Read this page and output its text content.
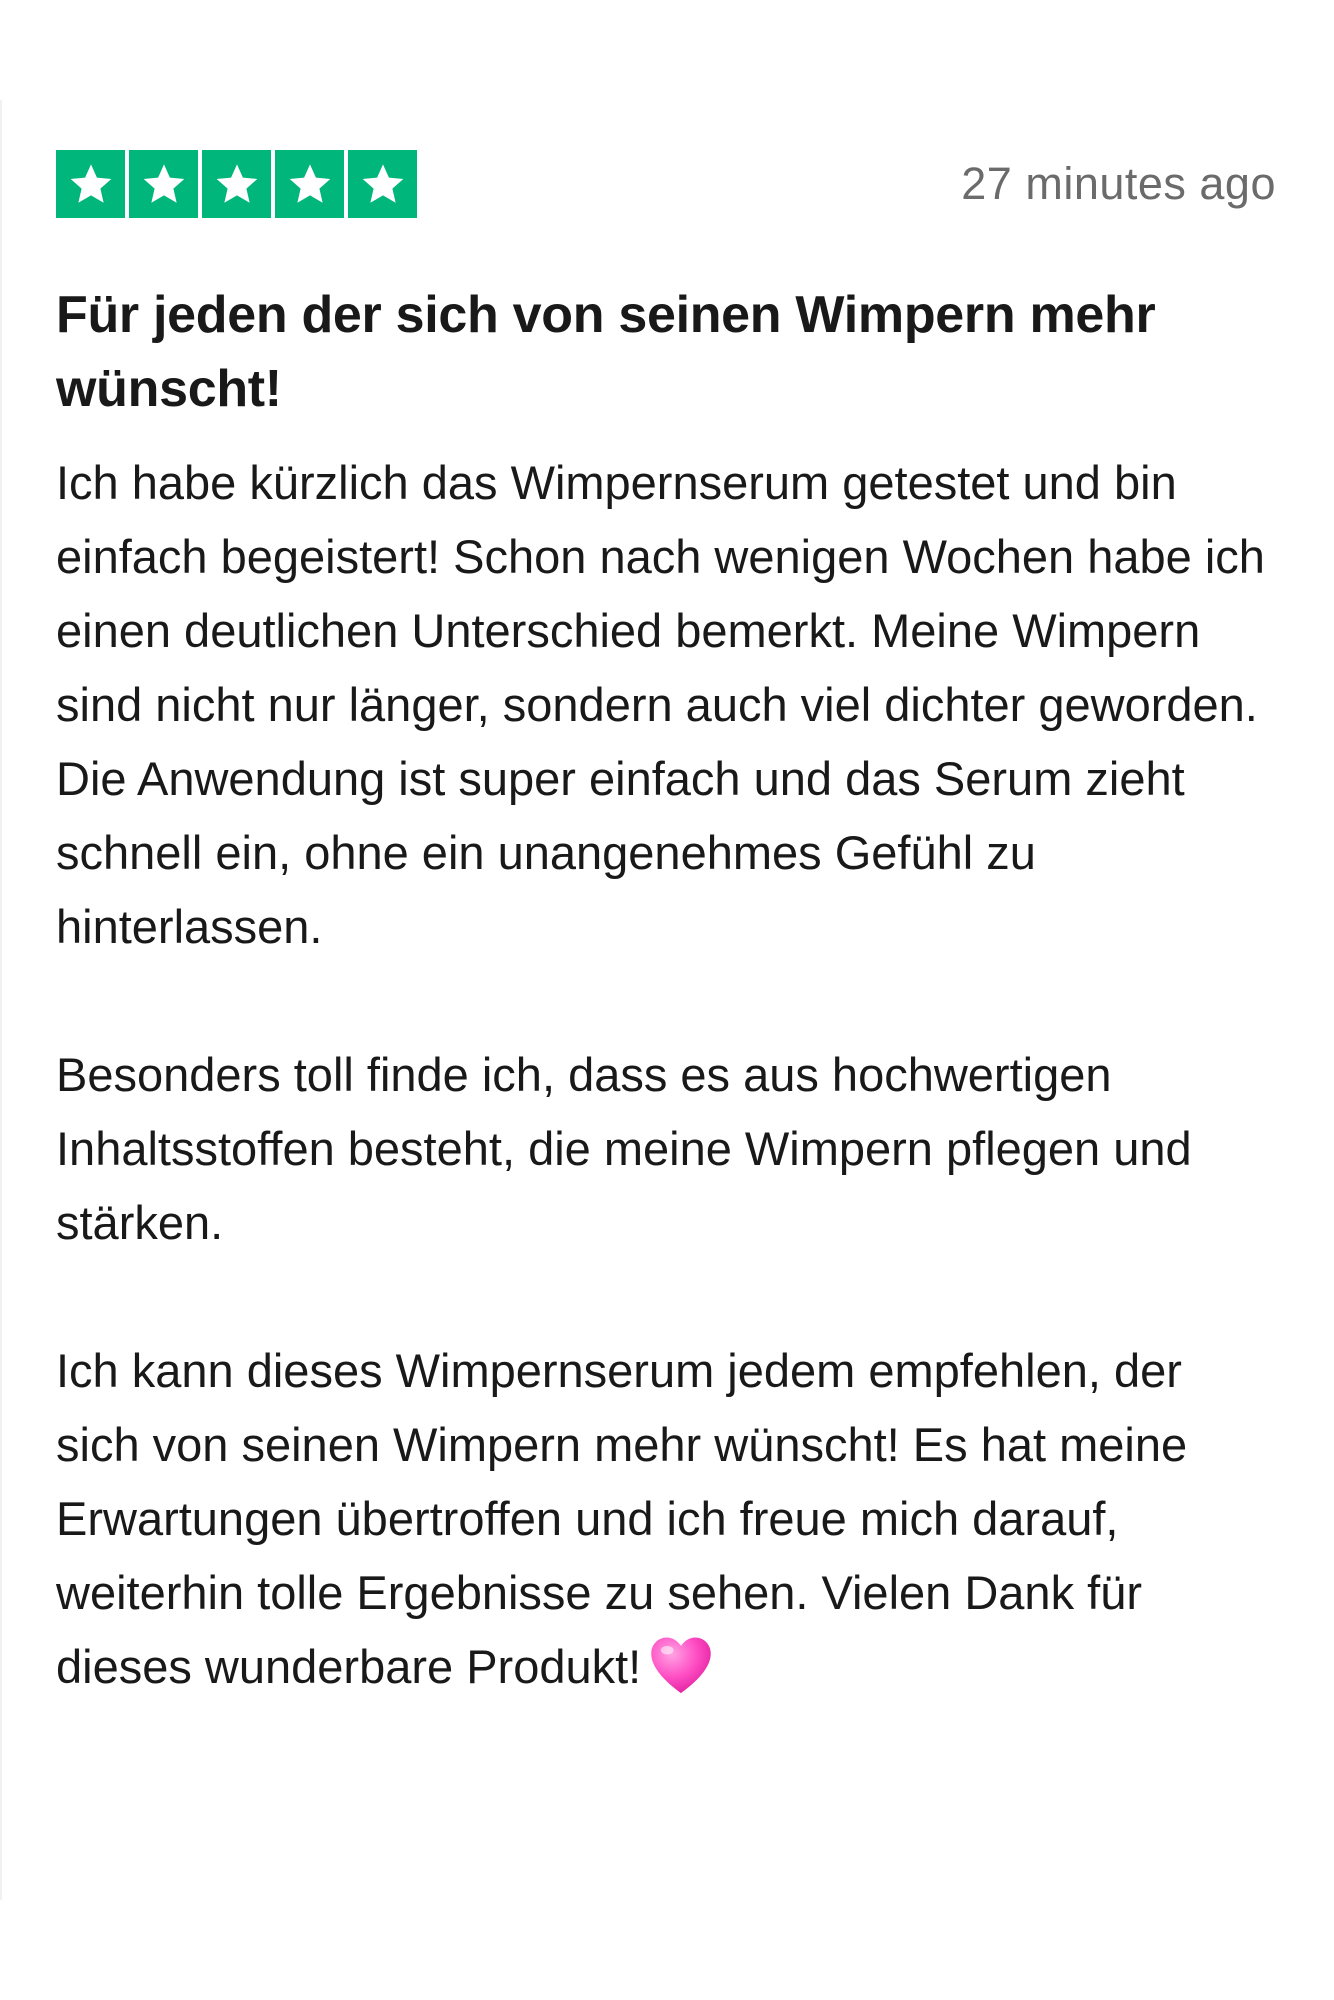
27 minutes ago
Für jeden der sich von seinen Wimpern mehr wünscht!

Ich habe kürzlich das Wimpernserum getestet und bin einfach begeistert! Schon nach wenigen Wochen habe ich einen deutlichen Unterschied bemerkt. Meine Wimpern sind nicht nur länger, sondern auch viel dichter geworden. Die Anwendung ist super einfach und das Serum zieht schnell ein, ohne ein unangenehmes Gefühl zu hinterlassen.

Besonders toll finde ich, dass es aus hochwertigen Inhaltsstoffen besteht, die meine Wimpern pflegen und stärken.

Ich kann dieses Wimpernserum jedem empfehlen, der sich von seinen Wimpern mehr wünscht! Es hat meine Erwartungen übertroffen und ich freue mich darauf, weiterhin tolle Ergebnisse zu sehen. Vielen Dank für dieses wunderbare Produkt!
